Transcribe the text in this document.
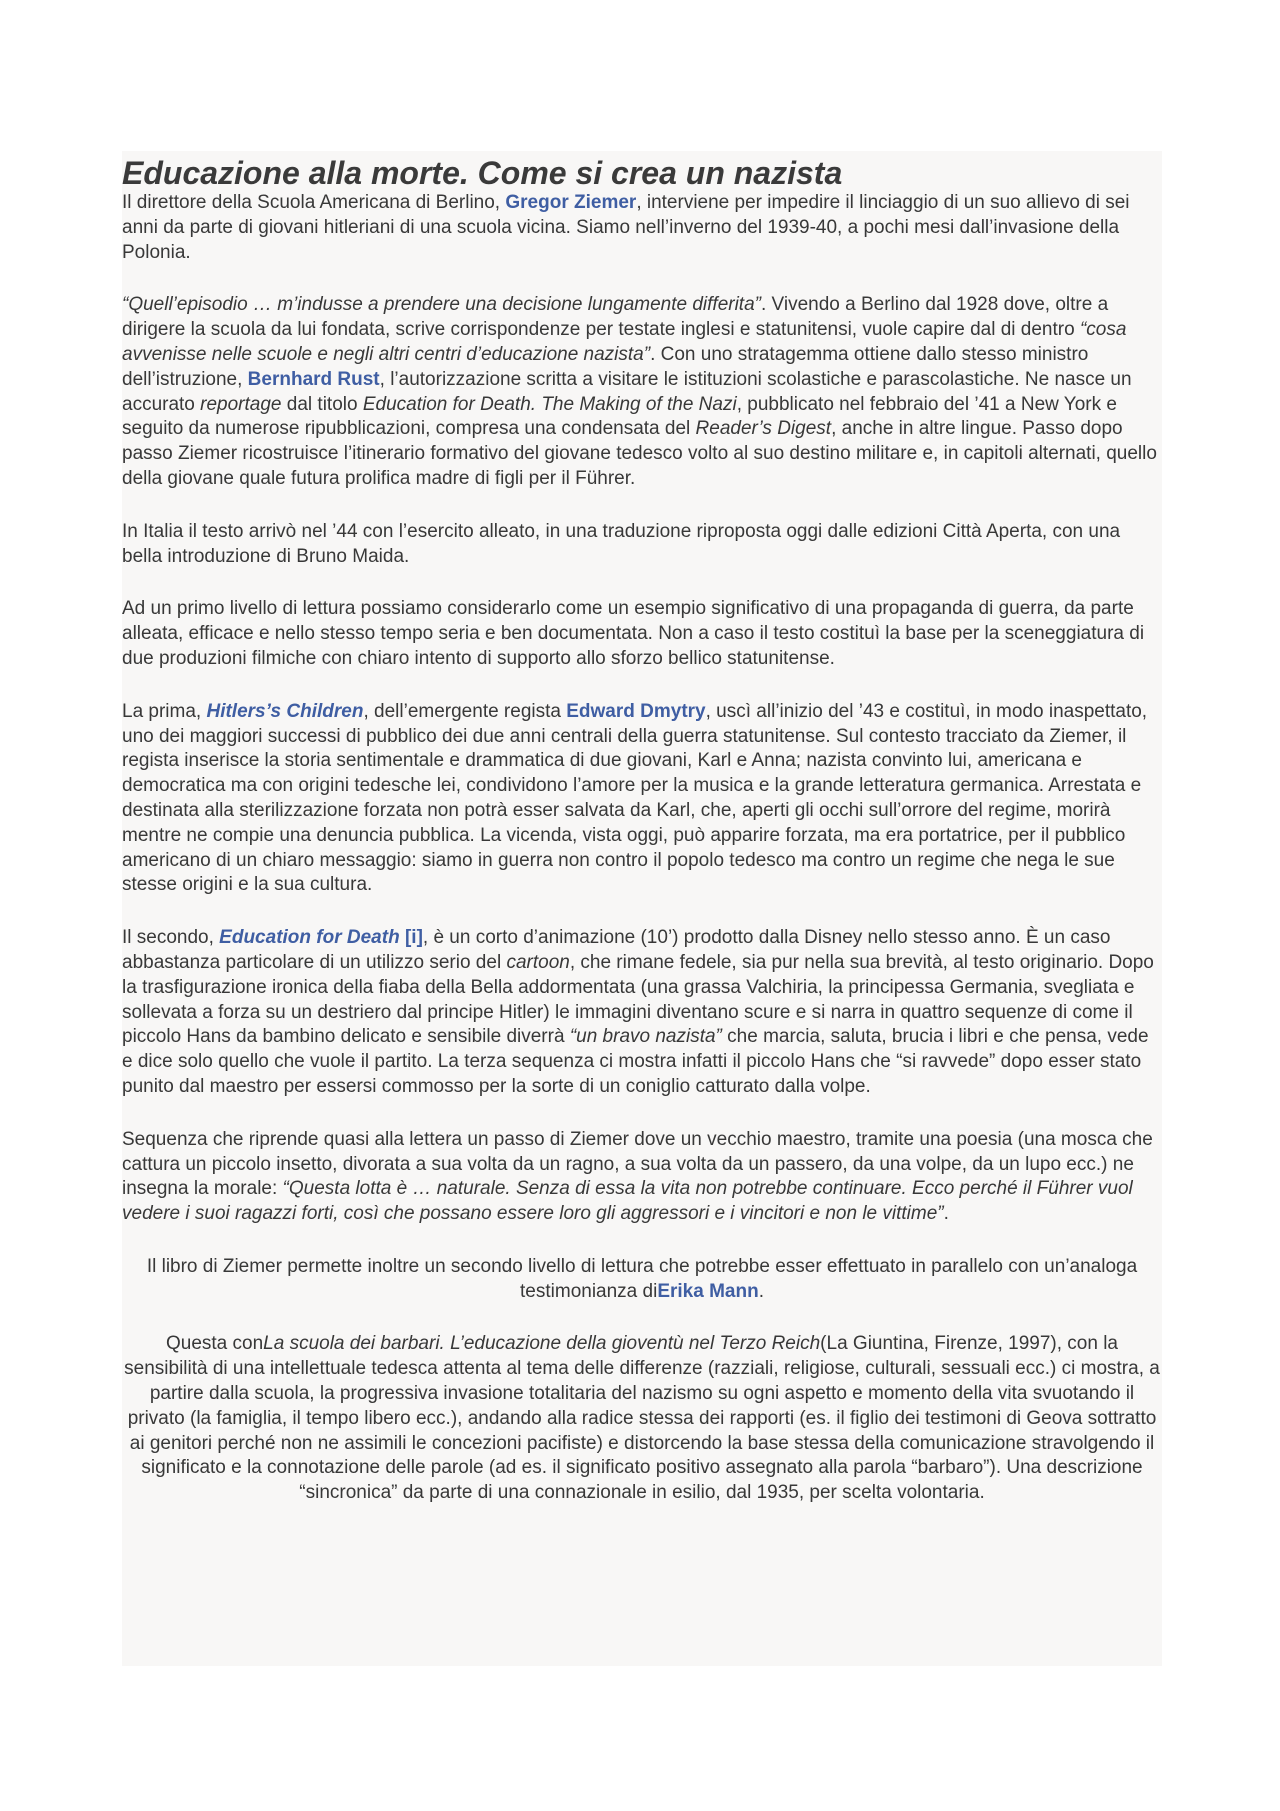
Educazione alla morte. Come si crea un nazista

Il direttore della Scuola Americana di Berlino, Gregor Ziemer, interviene per impedire il linciaggio di un suo allievo di sei anni da parte di giovani hitleriani di una scuola vicina. Siamo nell’inverno del 1939-40, a pochi mesi dall’invasione della Polonia.

“Quell’episodio … m’indusse a prendere una decisione lungamente differita”. Vivendo a Berlino dal 1928 dove, oltre a dirigere la scuola da lui fondata, scrive corrispondenze per testate inglesi e statunitensi, vuole capire dal di dentro “cosa avvenisse nelle scuole e negli altri centri d’educazione nazista”. Con uno stratagemma ottiene dallo stesso ministro dell’istruzione, Bernhard Rust, l’autorizzazione scritta a visitare le istituzioni scolastiche e parascolastiche. Ne nasce un accurato reportage dal titolo Education for Death. The Making of the Nazi, pubblicato nel febbraio del ’41 a New York e seguito da numerose ripubblicazioni, compresa una condensata del Reader’s Digest, anche in altre lingue. Passo dopo passo Ziemer ricostruisce l’itinerario formativo del giovane tedesco volto al suo destino militare e, in capitoli alternati, quello della giovane quale futura prolifica madre di figli per il Führer.

In Italia il testo arrivò nel ’44 con l’esercito alleato, in una traduzione riproposta oggi dalle edizioni Città Aperta, con una bella introduzione di Bruno Maida.

Ad un primo livello di lettura possiamo considerarlo come un esempio significativo di una propaganda di guerra, da parte alleata, efficace e nello stesso tempo seria e ben documentata. Non a caso il testo costituì la base per la sceneggiatura di due produzioni filmiche con chiaro intento di supporto allo sforzo bellico statunitense.

La prima, Hitlers’s Children, dell’emergente regista Edward Dmytry, uscì all’inizio del ’43 e costituì, in modo inaspettato, uno dei maggiori successi di pubblico dei due anni centrali della guerra statunitense. Sul contesto tracciato da Ziemer, il regista inserisce la storia sentimentale e drammatica di due giovani, Karl e Anna; nazista convinto lui, americana e democratica ma con origini tedesche lei, condividono l’amore per la musica e la grande letteratura germanica. Arrestata e destinata alla sterilizzazione forzata non potrà esser salvata da Karl, che, aperti gli occhi sull’orrore del regime, morirà mentre ne compie una denuncia pubblica. La vicenda, vista oggi, può apparire forzata, ma era portatrice, per il pubblico americano di un chiaro messaggio: siamo in guerra non contro il popolo tedesco ma contro un regime che nega le sue stesse origini e la sua cultura.

Il secondo, Education for Death [i], è un corto d’animazione (10’) prodotto dalla Disney nello stesso anno. È un caso abbastanza particolare di un utilizzo serio del cartoon, che rimane fedele, sia pur nella sua brevità, al testo originario. Dopo la trasfigurazione ironica della fiaba della Bella addormentata (una grassa Valchiria, la principessa Germania, svegliata e sollevata a forza su un destriero dal principe Hitler) le immagini diventano scure e si narra in quattro sequenze di come il piccolo Hans da bambino delicato e sensibile diverrà “un bravo nazista” che marcia, saluta, brucia i libri e che pensa, vede e dice solo quello che vuole il partito. La terza sequenza ci mostra infatti il piccolo Hans che “si ravvede” dopo esser stato punito dal maestro per essersi commosso per la sorte di un coniglio catturato dalla volpe.

Sequenza che riprende quasi alla lettera un passo di Ziemer dove un vecchio maestro, tramite una poesia (una mosca che cattura un piccolo insetto, divorata a sua volta da un ragno, a sua volta da un passero, da una volpe, da un lupo ecc.) ne insegna la morale: “Questa lotta è … naturale. Senza di essa la vita non potrebbe continuare. Ecco perché il Führer vuol vedere i suoi ragazzi forti, così che possano essere loro gli aggressori e i vincitori e non le vittime”.

Il libro di Ziemer permette inoltre un secondo livello di lettura che potrebbe esser effettuato in parallelo con un’analoga testimonianza diErika Mann.

Questa conLa scuola dei barbari. L’educazione della gioventù nel Terzo Reich(La Giuntina, Firenze, 1997), con la sensibilità di una intellettuale tedesca attenta al tema delle differenze (razziali, religiose, culturali, sessuali ecc.) ci mostra, a partire dalla scuola, la progressiva invasione totalitaria del nazismo su ogni aspetto e momento della vita svuotando il privato (la famiglia, il tempo libero ecc.), andando alla radice stessa dei rapporti (es. il figlio dei testimoni di Geova sottratto ai genitori perché non ne assimili le concezioni pacifiste) e distorcendo la base stessa della comunicazione stravolgendo il significato e la connotazione delle parole (ad es. il significato positivo assegnato alla parola “barbaro”). Una descrizione “sincronica” da parte di una connazionale in esilio, dal 1935, per scelta volontaria.
